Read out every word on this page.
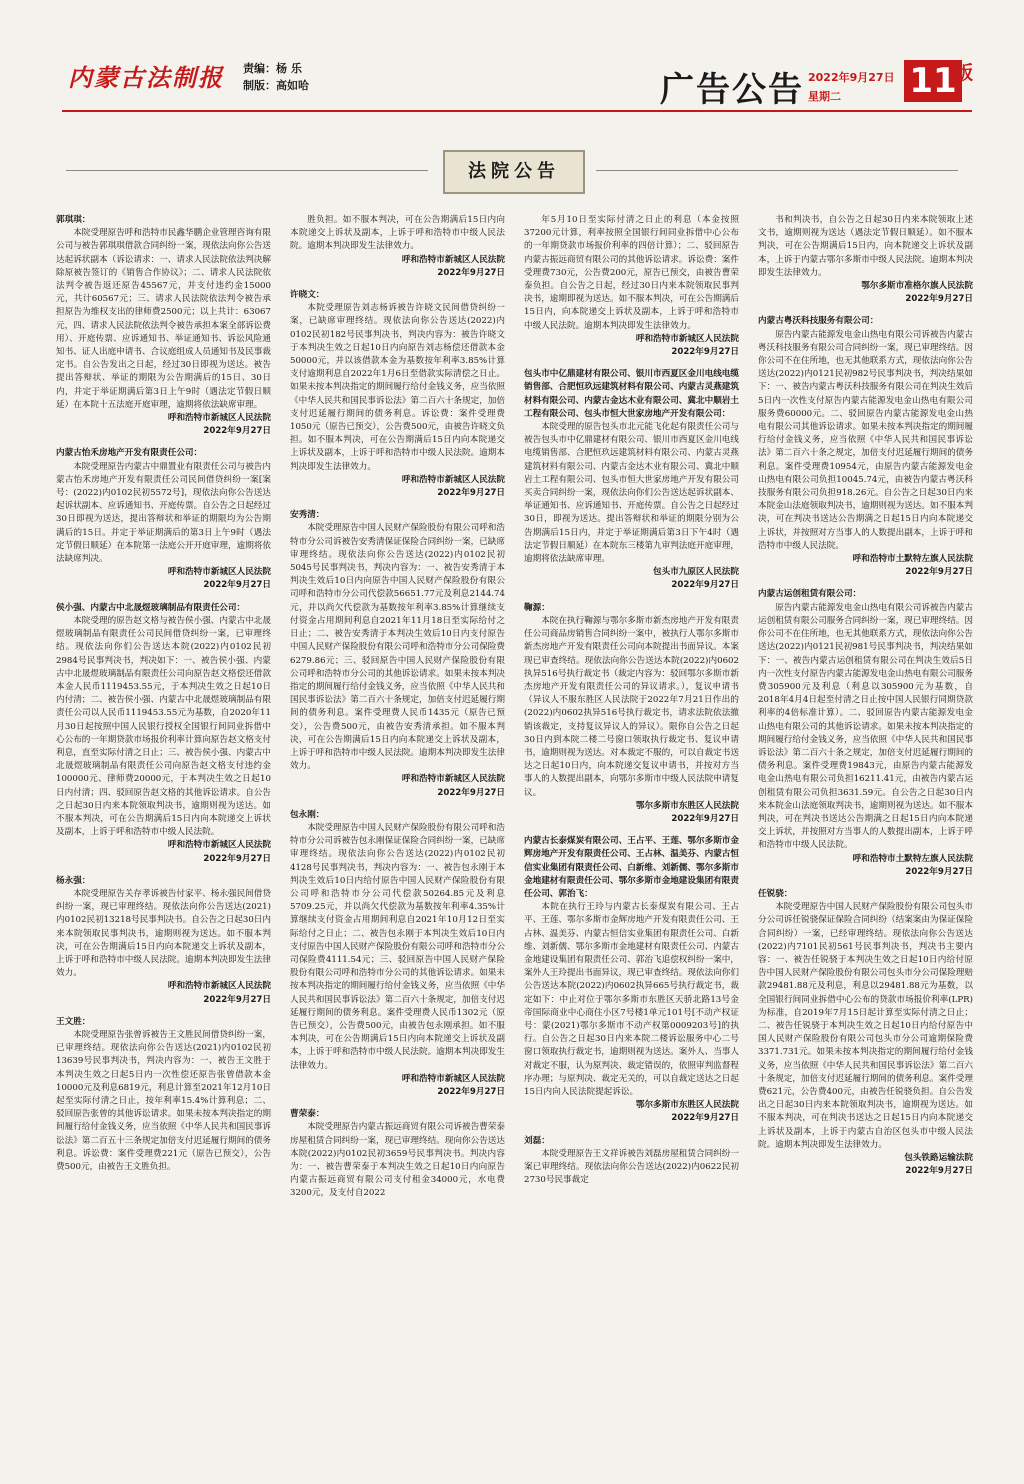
内蒙古法制报 责编：杨 乐
制版：高如哈	广告公告 2022年9月27日
星期二	11
版
法院公告

郭琪琪：

本院受理原告呼和浩特市民鑫华鹏企业管理咨询有限公司与被告郭琪琪借款合同纠纷一案，现依法向你公告送达起诉状副本（诉讼请求：一、请求人民法院依法判决解除原被告签订的《销售合作协议》；二、请求人民法院依法判令被告返还原告45567元，并支付违约金15000元，共计60567元；三、请求人民法院依法判令被告承担原告为维权支出的律师费2500元；以上共计：63067元，四、请求人民法院依法判令被告承担本案全部诉讼费用）、开庭传票、应诉通知书、举证通知书、诉讼风险通知书、证人出庭申请书、合议庭组成人员通知书及民事裁定书。自公告发出之日起，经过30日即视为送达。被告提出答辩状、举证的期限为公告期满后的15日、30日内，并定于举证期满后第3日上午9时（遇法定节假日顺延）在本院十五法庭开庭审理，逾期将依法缺席审理。

呼和浩特市新城区人民法院

2022年9月27日

内蒙古怡禾房地产开发有限责任公司：

本院受理原告内蒙古中鼎置业有限责任公司与被告内蒙古怡禾房地产开发有限责任公司民间借贷纠纷一案[案号：(2022)内0102民初5572号]，现依法向你公告送达起诉状副本、应诉通知书、开庭传票。自公告之日起经过30日即视为送达，提出答辩状和举证的期限均为公告期满后的15日。并定于举证期满后的第3日上午9时（遇法定节假日顺延）在本院第一法庭公开开庭审理，逾期将依法缺席判决。

呼和浩特市新城区人民法院

2022年9月27日

侯小强、内蒙古中北晟煜玻璃制品有限责任公司：

本院受理的原告赵文格与被告侯小强、内蒙古中北晟煜玻璃制品有限责任公司民间借贷纠纷一案，已审理终结。现依法向你们公告送达本院(2022)内0102民初2984号民事判决书，判决如下：一、被告侯小强、内蒙古中北晟煜玻璃制品有限责任公司向原告赵文格偿还借款本金人民币1119453.55元，于本判决生效之日起10日内付清；二、被告侯小强、内蒙古中北晟煜玻璃制品有限责任公司以人民币1119453.55元为基数，自2020年11月30日起按照中国人民银行授权全国银行间同业拆借中心公布的一年期贷款市场报价利率计算向原告赵文格支付利息，直至实际付清之日止；三、被告侯小强、内蒙古中北晟煜玻璃制品有限责任公司向原告赵文格支付违约金100000元、律师费20000元，于本判决生效之日起10日内付清；四、驳回原告赵文格的其他诉讼请求。自公告之日起30日内来本院领取判决书，逾期则视为送达。如不服本判决，可在公告期满后15日内向本院递交上诉状及副本，上诉于呼和浩特市中级人民法院。

呼和浩特市新城区人民法院

2022年9月27日

杨永强：

本院受理原告关存孝诉被告付家平、杨永强民间借贷纠纷一案，现已审理终结。现依法向你公告送达(2021)内0102民初13218号民事判决书。自公告之日起30日内来本院领取民事判决书，逾期则视为送达。如不服本判决，可在公告期满后15日内向本院递交上诉状及副本，上诉于呼和浩特市中级人民法院。逾期本判决即发生法律效力。

呼和浩特市新城区人民法院

2022年9月27日

王文胜：

本院受理原告张曾诉被告王文胜民间借贷纠纷一案，已审理终结。现依法向你公告送达(2021)内0102民初13639号民事判决书，判决内容为：一、被告王文胜于本判决生效之日起5日内一次性偿还原告张曾借款本金10000元及利息6819元，利息计算至2021年12月10日起至实际付清之日止，按年利率15.4%计算利息；二、驳回原告张曾的其他诉讼请求。如果未按本判决指定的期间履行给付金钱义务，应当依照《中华人民共和国民事诉讼法》第二百五十三条规定加倍支付迟延履行期间的债务利息。诉讼费：案件受理费221元（原告已预交），公告费500元，由被告王文胜负担。

胜负担。如不服本判决，可在公告期满后15日内向本院递交上诉状及副本，上诉于呼和浩特市中级人民法院。逾期本判决即发生法律效力。

呼和浩特市新城区人民法院

2022年9月27日

许晓文：

本院受理原告刘志杨诉被告许晓文民间借贷纠纷一案，已缺席审理终结。现依法向你公告送达(2022)内0102民初182号民事判决书，判决内容为：被告许晓文于本判决生效之日起10日内向原告刘志杨偿还借款本金50000元，并以该借款本金为基数按年利率3.85%计算支付逾期利息自2022年1月6日至借款实际清偿之日止。如果未按本判决指定的期间履行给付金钱义务，应当依照《中华人民共和国民事诉讼法》第二百六十条规定，加倍支付迟延履行期间的债务利息。诉讼费：案件受理费1050元（原告已预交），公告费500元，由被告许晓文负担。如不服本判决，可在公告期满后15日内向本院递交上诉状及副本，上诉于呼和浩特市中级人民法院。逾期本判决即发生法律效力。

呼和浩特市新城区人民法院

2022年9月27日

安秀清：

本院受理原告中国人民财产保险股份有限公司呼和浩特市分公司诉被告安秀清保证保险合同纠纷一案，已缺席审理终结。现依法向你公告送达(2022)内0102民初5045号民事判决书，判决内容为：一、被告安秀清于本判决生效后10日内向原告中国人民财产保险股份有限公司呼和浩特市分公司代偿款56651.77元及利息2144.74元，并以尚欠代偿款为基数按年利率3.85%计算继续支付资金占用期间利息自2021年11月18日至实际给付之日止；二、被告安秀清于本判决生效后10日内支付原告中国人民财产保险股份有限公司呼和浩特市分公司保险费6279.86元；三、驳回原告中国人民财产保险股份有限公司呼和浩特市分公司的其他诉讼请求。如果未按本判决指定的期间履行给付金钱义务，应当依照《中华人民共和国民事诉讼法》第二百六十条规定，加倍支付迟延履行期间的债务利息。案件受理费人民币1435元（原告已预交），公告费500元，由被告安秀清承担。如不服本判决，可在公告期满后15日内向本院递交上诉状及副本，上诉于呼和浩特市中级人民法院。逾期本判决即发生法律效力。

呼和浩特市新城区人民法院

2022年9月27日

包永刚：

本院受理原告中国人民财产保险股份有限公司呼和浩特市分公司诉被告包永刚保证保险合同纠纷一案，已缺席审理终结。现依法向你公告送达(2022)内0102民初4128号民事判决书，判决内容为：一、被告包永刚于本判决生效后10日内给付原告中国人民财产保险股份有限公司呼和浩特市分公司代偿款50264.85元及利息5709.25元，并以尚欠代偿款为基数按年利率4.35%计算继续支付资金占用期间利息自2021年10月12日至实际给付之日止；二、被告包永刚于本判决生效后10日内支付原告中国人民财产保险股份有限公司呼和浩特市分公司保险费4111.54元；三、驳回原告中国人民财产保险股份有限公司呼和浩特市分公司的其他诉讼请求。如果未按本判决指定的期间履行给付金钱义务，应当依照《中华人民共和国民事诉讼法》第二百六十条规定，加倍支付迟延履行期间的债务利息。案件受理费人民币1302元（原告已预交），公告费500元，由被告包永刚承担。如不服本判决，可在公告期满后15日内向本院递交上诉状及副本，上诉于呼和浩特市中级人民法院。逾期本判决即发生法律效力。

呼和浩特市新城区人民法院

2022年9月27日

曹荣泰：

本院受理原告内蒙古振远商贸有限公司诉被告曹荣泰房屋租赁合同纠纷一案，现已审理终结。现向你公告送达本院(2022)内0102民初3659号民事判决书。判决内容为：一、被告曹荣泰于本判决生效之日起10日内向原告内蒙古振远商贸有限公司支付租金34000元，水电费3200元，及支付自2022

年5月10日至实际付清之日止的利息（本金按照37200元计算，利率按照全国银行间同业拆借中心公布的一年期贷款市场报价利率的四倍计算）；二、驳回原告内蒙古振远商贸有限公司的其他诉讼请求。诉讼费：案件受理费730元，公告费200元，原告已预交，由被告曹荣泰负担。自公告之日起，经过30日内来本院领取民事判决书，逾期即视为送达。如不服本判决，可在公告期满后15日内，向本院递交上诉状及副本，上诉于呼和浩特市中级人民法院。逾期本判决即发生法律效力。

呼和浩特市新城区人民法院

2022年9月27日

包头市中亿鼎建材有限公司、银川市西夏区金川电线电缆销售部、合肥恒玖远建筑材料有限公司、内蒙古灵燕建筑材料有限公司、内蒙古金达木业有限公司、冀北中顺岩土工程有限公司、包头市恒大世家房地产开发有限公司：

本院受理的原告包头市北元能飞化起有限责任公司与被告包头市中亿鼎建材有限公司、银川市西夏区金川电线电缆销售部、合肥恒玖远建筑材料有限公司、内蒙古灵燕建筑材料有限公司、内蒙古金达木业有限公司、冀北中顺岩土工程有限公司、包头市恒大世家房地产开发有限公司买卖合同纠纷一案，现依法向你们公告送达起诉状副本、举证通知书、应诉通知书、开庭传票。自公告之日起经过30日，即视为送达。提出答辩状和举证的期限分别为公告期满后15日内，并定于举证期满后第3日下午4时（遇法定节假日顺延）在本院东三楼第九审判法庭开庭审理，逾期将依法缺席审理。

包头市九原区人民法院

2022年9月27日

鞠源：

本院在执行鞠源与鄂尔多斯市新杰房地产开发有限责任公司商品房销售合同纠纷一案中，被执行人鄂尔多斯市新杰房地产开发有限责任公司向本院提出书面异议。本案现已审查终结。现依法向你公告送达本院(2022)内0602执异516号执行裁定书（裁定内容为：驳回鄂尔多斯市新杰房地产开发有限责任公司的异议请求。），复议申请书（异议人不服东胜区人民法院于2022年7月21日作出的(2022)内0602执异516号执行裁定书，请求法院依法撤销该裁定，支持复议异议人的异议）。限你自公告之日起30日内到本院二楼二号窗口领取执行裁定书、复议申请书，逾期则视为送达。对本裁定不服的，可以自裁定书送达之日起10日内，向本院递交复议申请书，并按对方当事人的人数提出副本，向鄂尔多斯市中级人民法院申请复议。

鄂尔多斯市东胜区人民法院

2022年9月27日

内蒙古长泰煤炭有限公司、王占平、王莲、鄂尔多斯市金辉房地产开发有限责任公司、王占林、温美芬、内蒙古恒信实业集团有限责任公司、白新维、刘新儒、鄂尔多斯市金地建材有限责任公司、鄂尔多斯市金地建设集团有限责任公司、郭治飞：

本院在执行王玲与内蒙古长泰煤炭有限公司、王占平、王莲、鄂尔多斯市金辉房地产开发有限责任公司、王占林、温美芬、内蒙古恒信实业集团有限责任公司、白新维、刘新儒、鄂尔多斯市金地建材有限责任公司、内蒙古金地建设集团有限责任公司、郭治飞追偿权纠纷一案中，案外人王玲提出书面异议，现已审查终结。现依法向你们公告送达本院(2022)内0602执异665号执行裁定书，裁定如下：中止对位于鄂尔多斯市东胜区天骄北路13号金帝国际商业中心商住小区7号楼1单元101号[不动产权证号：蒙(2021)鄂尔多斯市不动产权第0009203号]的执行。自公告之日起30日内来本院二楼诉讼服务中心二号窗口领取执行裁定书，逾期则视为送达。案外人、当事人对裁定不服，认为原判决、裁定错误的，依照审判监督程序办理；与原判决、裁定无关的，可以自裁定送达之日起15日内向人民法院提起诉讼。

鄂尔多斯市东胜区人民法院

2022年9月27日

刘磊：

本院受理原告王文祥诉被告刘磊房屋租赁合同纠纷一案已审理终结。现依法向你公告送达(2022)内0622民初2730号民事裁定

书和判决书，自公告之日起30日内来本院领取上述文书，逾期则视为送达（遇法定节假日顺延）。如不服本判决，可在公告期满后15日内，向本院递交上诉状及副本，上诉于内蒙古鄂尔多斯市中级人民法院。逾期本判决即发生法律效力。

鄂尔多斯市准格尔旗人民法院

2022年9月27日

内蒙古粤沃科技服务有限公司：

原告内蒙古能源发电金山热电有限公司诉被告内蒙古粤沃科技服务有限公司合同纠纷一案，现已审理终结。因你公司不在住所地，也无其他联系方式，现依法向你公告送达(2022)内0121民初982号民事判决书，判决结果如下：一、被告内蒙古粤沃科技服务有限公司在判决生效后5日内一次性支付原告内蒙古能源发电金山热电有限公司服务费60000元。二、驳回原告内蒙古能源发电金山热电有限公司其他诉讼请求。如果未按本判决指定的期间履行给付金钱义务，应当依照《中华人民共和国民事诉讼法》第二百六十条之规定，加倍支付迟延履行期间的债务利息。案件受理费10954元，由原告内蒙古能源发电金山热电有限公司负担10045.74元，由被告内蒙古粤沃科技服务有限公司负担918.26元。自公告之日起30日内来本院金山法庭领取判决书，逾期则视为送达。如不服本判决，可在判决书送达公告期满之日起15日内向本院递交上诉状，并按照对方当事人的人数提出副本，上诉于呼和浩特市中级人民法院。

呼和浩特市土默特左旗人民法院

2022年9月27日

内蒙古运创租赁有限公司：

原告内蒙古能源发电金山热电有限公司诉被告内蒙古运创租赁有限公司服务合同纠纷一案，现已审理终结。因你公司不在住所地，也无其他联系方式，现依法向你公告送达(2022)内0121民初981号民事判决书，判决结果如下：一、被告内蒙古运创租赁有限公司在判决生效后5日内一次性支付原告内蒙古能源发电金山热电有限公司服务费305900元及利息（利息以305900元为基数，自2018年4月4日起至付清之日止按中国人民银行同期贷款利率的4倍标准计算）。二、驳回原告内蒙古能源发电金山热电有限公司的其他诉讼请求。如果未按本判决指定的期间履行给付金钱义务，应当依照《中华人民共和国民事诉讼法》第二百六十条之规定，加倍支付迟延履行期间的债务利息。案件受理费19843元，由原告内蒙古能源发电金山热电有限公司负担16211.41元，由被告内蒙古运创租赁有限公司负担3631.59元。自公告之日起30日内来本院金山法庭领取判决书，逾期则视为送达。如不服本判决，可在判决书送达公告期满之日起15日内向本院递交上诉状，并按照对方当事人的人数提出副本，上诉于呼和浩特市中级人民法院。

呼和浩特市土默特左旗人民法院

2022年9月27日

任锐骁：

本院受理原告中国人民财产保险股份有限公司包头市分公司诉任锐骁保证保险合同纠纷（结案案由为保证保险合同纠纷）一案，已经审理终结。现依法向你公告送达(2022)内7101民初561号民事判决书，判决书主要内容：一、被告任锐骁于本判决生效之日起10日内给付原告中国人民财产保险股份有限公司包头市分公司保险理赔款29481.88元及利息，利息以29481.88元为基数，以全国银行间同业拆借中心公布的贷款市场报价利率(LPR)为标准，自2019年7月15日起计算至实际付清之日止；二、被告任锐骁于本判决生效之日起10日内给付原告中国人民财产保险股份有限公司包头市分公司逾期保险费3371.731元。如果未按本判决指定的期间履行给付金钱义务，应当依照《中华人民共和国民事诉讼法》第二百六十条规定，加倍支付迟延履行期间的债务利息。案件受理费621元，公告费400元，由被告任锐骁负担。自公告发出之日起30日内来本院领取判决书，逾期视为送达。如不服本判决，可在判决书送达之日起15日内向本院递交上诉状及副本，上诉于内蒙古自治区包头市中级人民法院。逾期本判决即发生法律效力。

包头铁路运输法院

2022年9月27日
